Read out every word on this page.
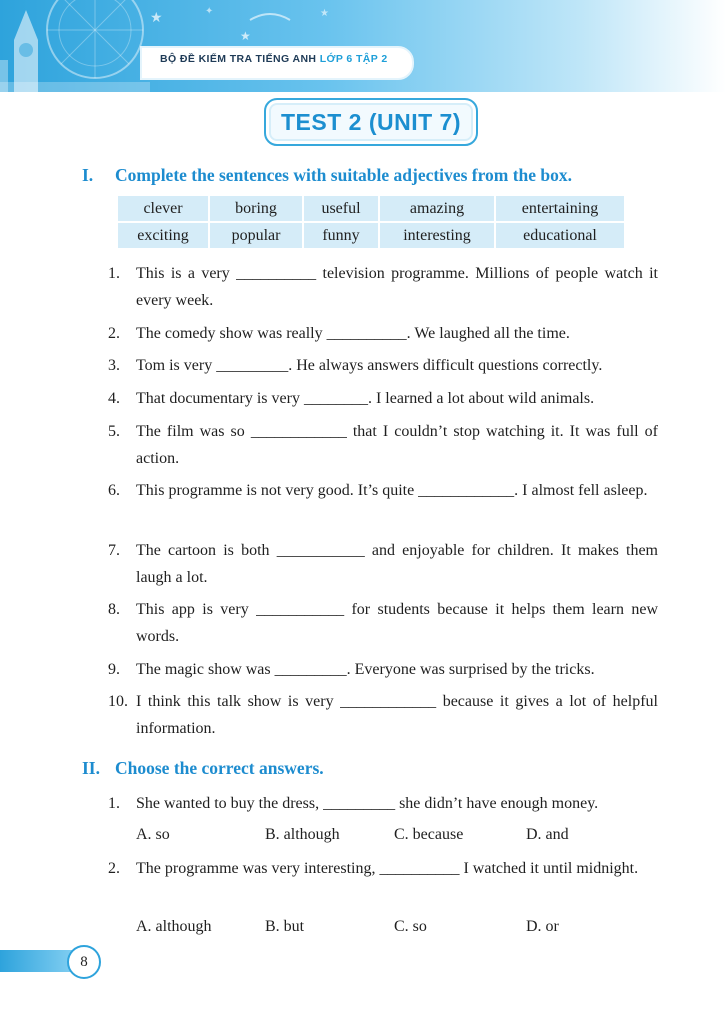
★
★
★
✦
BỘ ĐỀ KIỂM TRA TIẾNG ANH LỚP 6 TẬP 2
TEST 2 (UNIT 7)
I. Complete the sentences with suitable adjectives from the box.
clever	boring	useful	amazing	entertaining
exciting	popular	funny	interesting	educational
1. This is a very __________ television programme. Millions of people watch it every week.
2. The comedy show was really __________. We laughed all the time.
3. Tom is very _________. He always answers difficult questions correctly.
4. That documentary is very ________. I learned a lot about wild animals.
5. The film was so ____________ that I couldn’t stop watching it. It was full of action.
6. This programme is not very good. It’s quite ____________. I almost fell asleep.
7. The cartoon is both ___________ and enjoyable for children. It makes them laugh a lot.
8. This app is very ___________ for students because it helps them learn new words.
9. The magic show was _________. Everyone was surprised by the tricks.
10. I think this talk show is very ____________ because it gives a lot of helpful information.
II. Choose the correct answers.
1. She wanted to buy the dress, _________ she didn’t have enough money.
A. so	B. although	C. because	D. and
2. The programme was very interesting, __________ I watched it until midnight.
A. although	B. but	C. so	D. or
8
